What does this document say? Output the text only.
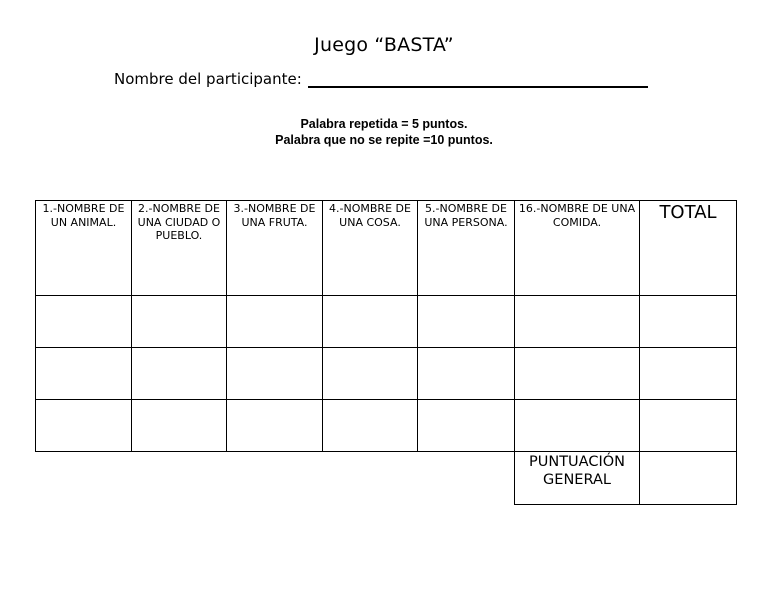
Juego “BASTA”
Nombre del participante:
Palabra repetida = 5 puntos.
Palabra que no se repite =10 puntos.
1.-NOMBRE DE UN ANIMAL.	2.-NOMBRE DE UNA CIUDAD O PUEBLO.	3.-NOMBRE DE UNA FRUTA.	4.-NOMBRE DE UNA COSA.	5.-NOMBRE DE UNA PERSONA.	16.-NOMBRE DE UNA COMIDA.	TOTAL

					PUNTUACIÓN GENERAL	
